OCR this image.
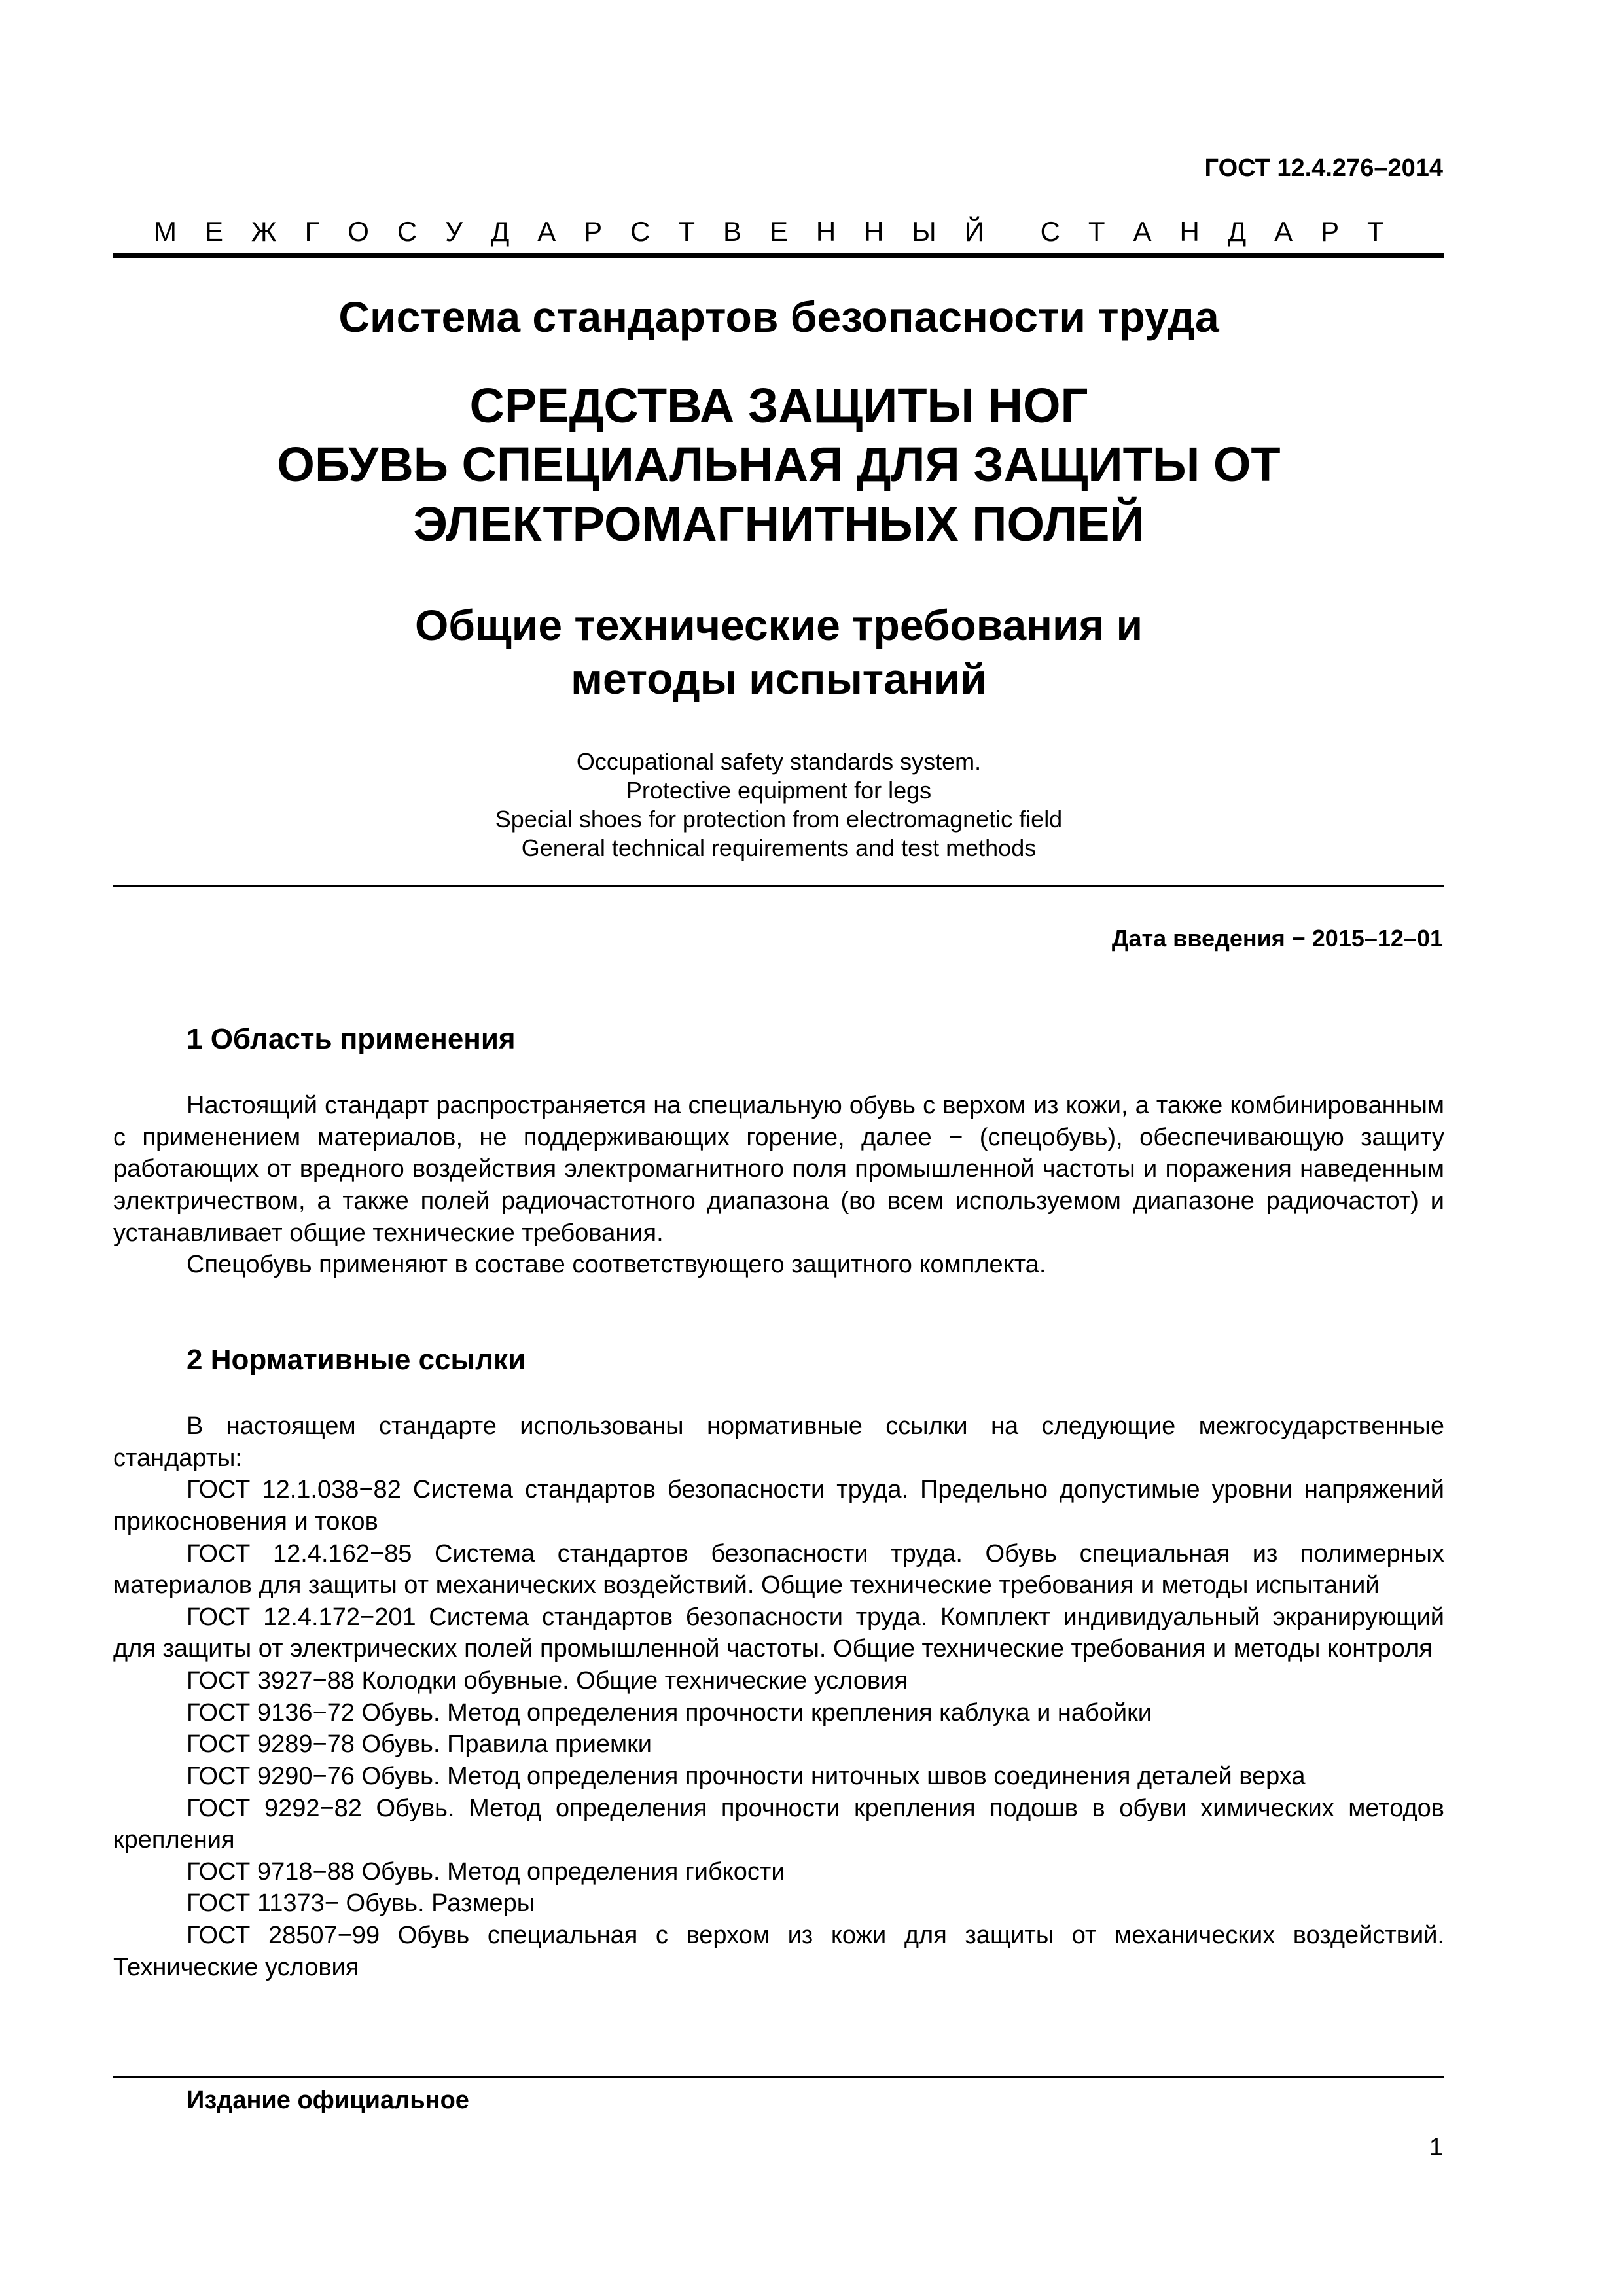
ГОСТ 12.4.276–2014
М Е Ж Г О С У Д А Р С Т В Е Н Н Ы Й С Т А Н Д А Р Т
Система стандартов безопасности труда
СРЕДСТВА ЗАЩИТЫ НОГ
ОБУВЬ СПЕЦИАЛЬНАЯ ДЛЯ ЗАЩИТЫ ОТ
ЭЛЕКТРОМАГНИТНЫХ ПОЛЕЙ
Общие технические требования и
методы испытаний
Occupational safety standards system.
Protective equipment for legs
Special shoes for protection from electromagnetic field
General technical requirements and test methods
Дата введения − 2015–12–01
1 Область применения

Настоящий стандарт распространяется на специальную обувь с верхом из кожи, а также комбинированным с применением материалов, не поддерживающих горение, далее − (спецобувь), обеспечивающую защиту работающих от вредного воздействия электромагнитного поля промышленной частоты и поражения наведенным электричеством, а также полей радиочастотного диапазона (во всем используемом диапазоне радиочастот) и устанавливает общие технические требования.

Спецобувь применяют в составе соответствующего защитного комплекта.

2 Нормативные ссылки

В настоящем стандарте использованы нормативные ссылки на следующие межгосударственные стандарты:

ГОСТ 12.1.038−82 Система стандартов безопасности труда. Предельно допустимые уровни напряжений прикосновения и токов

ГОСТ 12.4.162−85 Система стандартов безопасности труда. Обувь специальная из полимерных материалов для защиты от механических воздействий. Общие технические требования и методы испытаний

ГОСТ 12.4.172−201 Система стандартов безопасности труда. Комплект индивидуальный экранирующий для защиты от электрических полей промышленной частоты. Общие технические требования и методы контроля

ГОСТ 3927−88 Колодки обувные. Общие технические условия

ГОСТ 9136−72 Обувь. Метод определения прочности крепления каблука и набойки

ГОСТ 9289−78 Обувь. Правила приемки

ГОСТ 9290−76 Обувь. Метод определения прочности ниточных швов соединения деталей верха

ГОСТ 9292−82 Обувь. Метод определения прочности крепления подошв в обуви химических методов крепления

ГОСТ 9718−88 Обувь. Метод определения гибкости

ГОСТ 11373− Обувь. Размеры

ГОСТ 28507−99 Обувь специальная с верхом из кожи для защиты от механических воздействий. Технические условия

Издание официальное
1
